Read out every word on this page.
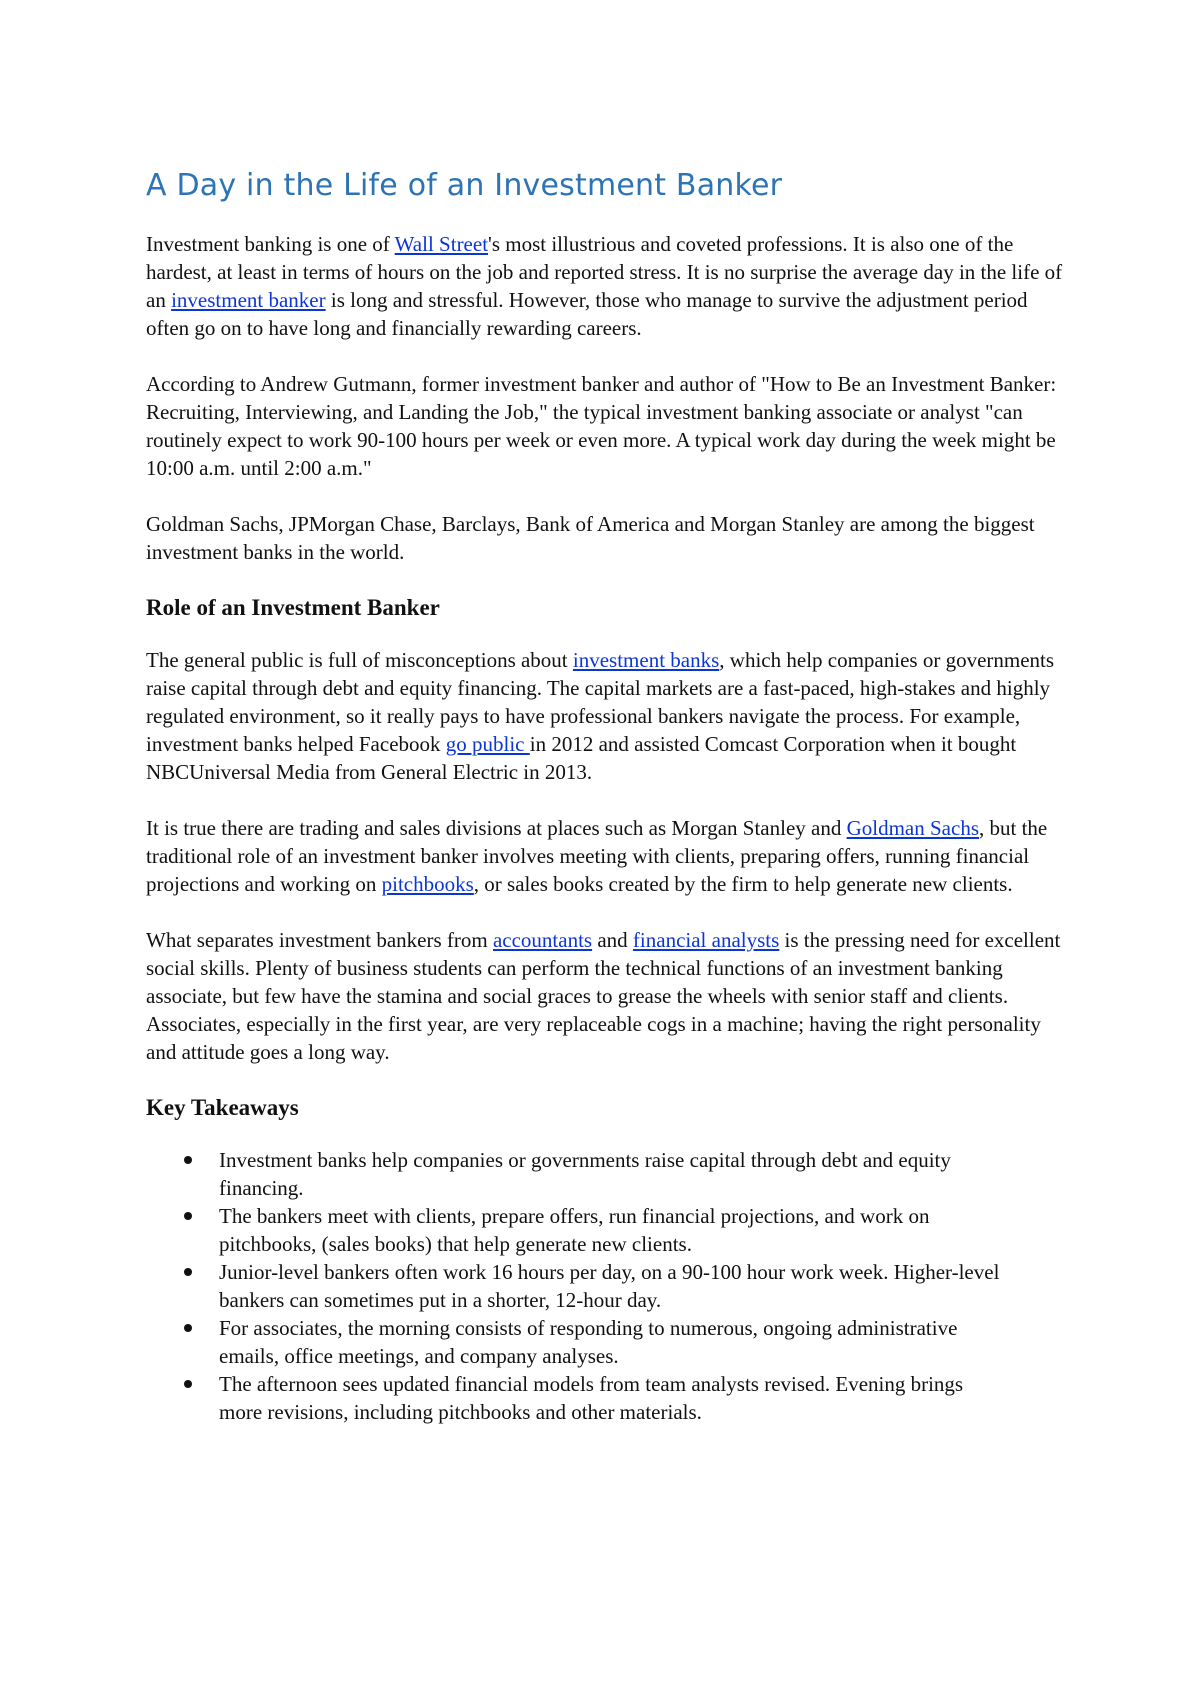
A Day in the Life of an Investment Banker

Investment banking is one of Wall Street's most illustrious and coveted professions. It is also one of the hardest, at least in terms of hours on the job and reported stress. It is no surprise the average day in the life of an investment banker is long and stressful. However, those who manage to survive the adjustment period often go on to have long and financially rewarding careers.

According to Andrew Gutmann, former investment banker and author of "How to Be an Investment Banker: Recruiting, Interviewing, and Landing the Job," the typical investment banking associate or analyst "can routinely expect to work 90-100 hours per week or even more. A typical work day during the week might be 10:00 a.m. until 2:00 a.m."

Goldman Sachs, JPMorgan Chase, Barclays, Bank of America and Morgan Stanley are among the biggest investment banks in the world.

Role of an Investment Banker

The general public is full of misconceptions about investment banks, which help companies or governments raise capital through debt and equity financing. The capital markets are a fast-paced, high-stakes and highly regulated environment, so it really pays to have professional bankers navigate the process. For example, investment banks helped Facebook go public in 2012 and assisted Comcast Corporation when it bought NBCUniversal Media from General Electric in 2013.

It is true there are trading and sales divisions at places such as Morgan Stanley and Goldman Sachs, but the traditional role of an investment banker involves meeting with clients, preparing offers, running financial projections and working on pitchbooks, or sales books created by the firm to help generate new clients.

What separates investment bankers from accountants and financial analysts is the pressing need for excellent social skills. Plenty of business students can perform the technical functions of an investment banking associate, but few have the stamina and social graces to grease the wheels with senior staff and clients. Associates, especially in the first year, are very replaceable cogs in a machine; having the right personality and attitude goes a long way.

Key Takeaways
Investment banks help companies or governments raise capital through debt and equity financing.
The bankers meet with clients, prepare offers, run financial projections, and work on pitchbooks, (sales books) that help generate new clients.
Junior-level bankers often work 16 hours per day, on a 90-100 hour work week. Higher-level bankers can sometimes put in a shorter, 12-hour day.
For associates, the morning consists of responding to numerous, ongoing administrative emails, office meetings, and company analyses.
The afternoon sees updated financial models from team analysts revised. Evening brings more revisions, including pitchbooks and other materials.
